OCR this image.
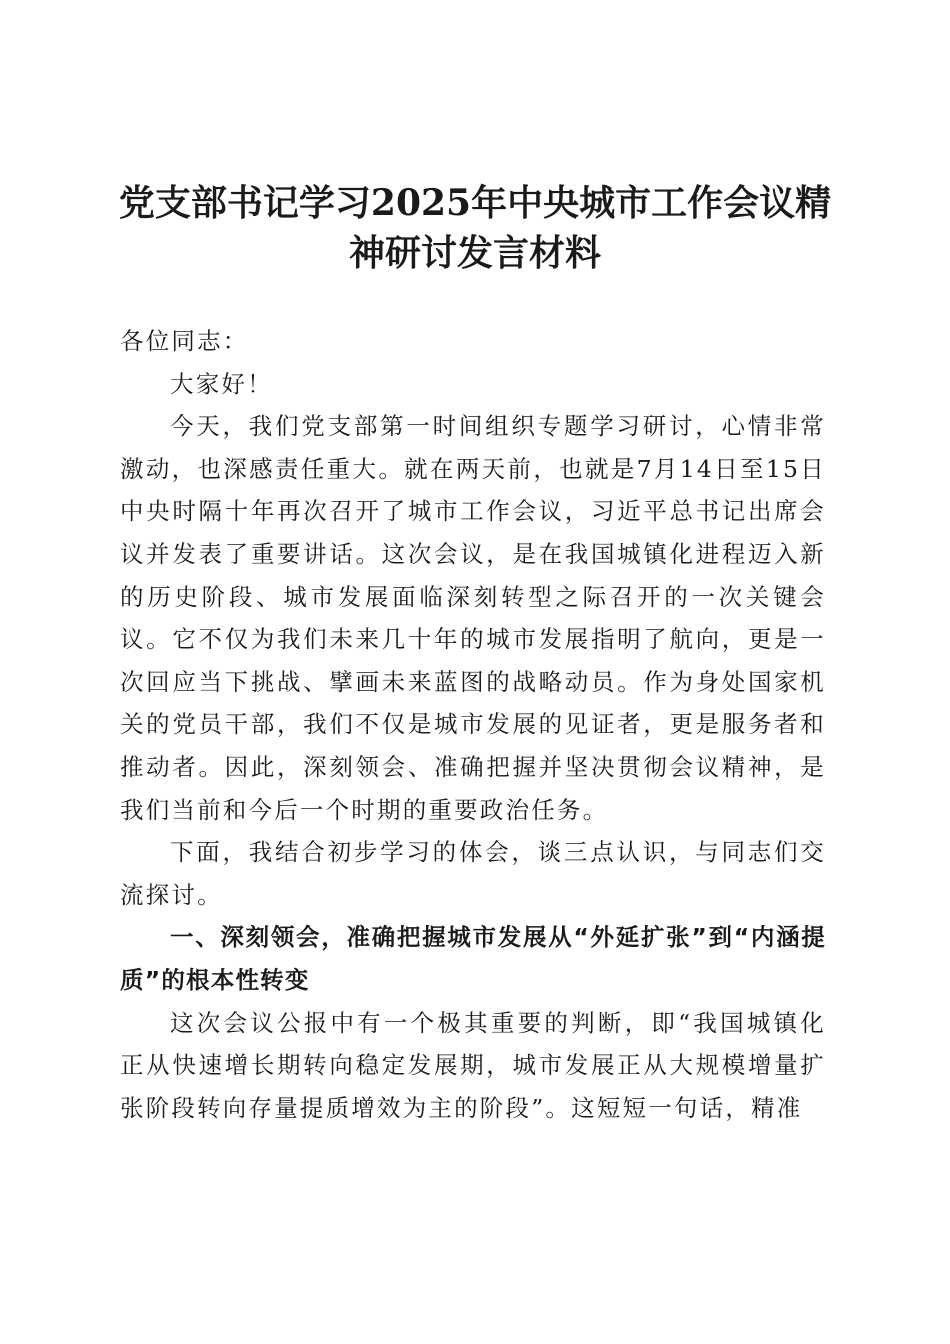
党支部书记学习2025年中央城市工作会议精神研讨发言材料

各位同志：

大家好！

今天，我们党支部第一时间组织专题学习研讨，心情非常激动，也深感责任重大。就在两天前，也就是7月14日至15日中央时隔十年再次召开了城市工作会议，习近平总书记出席会议并发表了重要讲话。这次会议，是在我国城镇化进程迈入新的历史阶段、城市发展面临深刻转型之际召开的一次关键会议。它不仅为我们未来几十年的城市发展指明了航向，更是一次回应当下挑战、擘画未来蓝图的战略动员。作为身处国家机关的党员干部，我们不仅是城市发展的见证者，更是服务者和推动者。因此，深刻领会、准确把握并坚决贯彻会议精神，是我们当前和今后一个时期的重要政治任务。

下面，我结合初步学习的体会，谈三点认识，与同志们交流探讨。

一、深刻领会，准确把握城市发展从“外延扩张”到“内涵提质”的根本性转变

这次会议公报中有一个极其重要的判断，即“我国城镇化正从快速增长期转向稳定发展期，城市发展正从大规模增量扩张阶段转向存量提质增效为主的阶段”。这短短一句话，精准
